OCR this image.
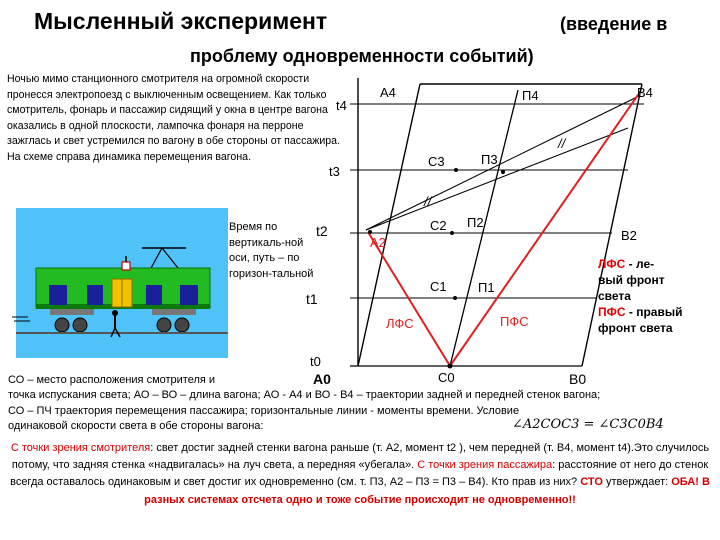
Мысленный эксперимент	(введение в
проблему одновременности событий)
Ночью мимо станционного смотрителя на огромной скорости пронесся электропоезд с выключенным освещением. Как только смотритель, фонарь и пассажир сидящий у окна в центре вагона оказались в одной плоскости, лампочка фонаря на перроне зажглась и свет устремился по вагону в обе стороны от пассажира. На схеме справа динамика перемещения вагона.
t0
t1
t2
t4
t3
A0	C0	B0
A2	B2
A4	B4
C1
C2
C3
П1
П2
П3
П4
ЛФС	ПФС
//
//
Время по вертикаль-ной оси, путь – по горизон-тальной
ЛФС - ле-
вый фронт
света
ПФС - правый
фронт света
СО – место расположения смотрителя и
точка испускания света; АО – ВО – длина вагона; АО - А4 и ВО - В4 – траектории задней и передней стенок вагона;
СО – ПЧ траектория перемещения пассажира; горизонтальные линии - моменты времени. Условие
одинаковой скорости света в обе стороны вагона:	∠A2COC3 = ∠C3C0B4
С точки зрения смотрителя: свет достиг задней стенки вагона раньше (т. А2, момент t2 ), чем передней (т. В4, момент t4).Это случилось потому, что задняя стенка «надвигалась» на луч света, а передняя «убегала». С точки зрения пассажира: расстояние от него до стенок всегда оставалось одинаковым и свет достиг их одновременно (см. т. П3, А2 – П3 = П3 – В4). Кто прав из них? СТО утверждает: ОБА! В разных системах отсчета одно и тоже событие происходит не одновременно!!
